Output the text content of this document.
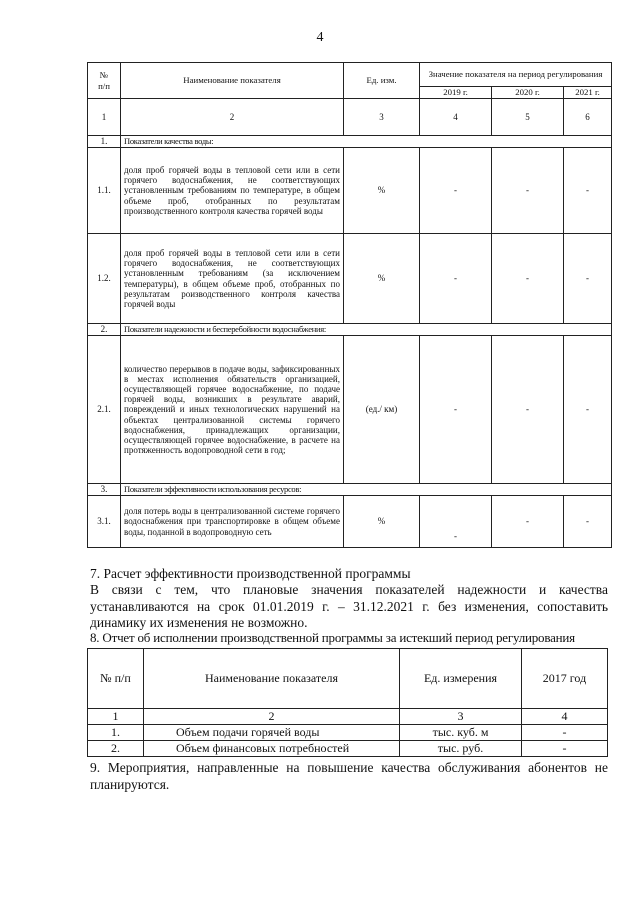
4
№
п/п	Наименование показателя	Ед. изм.	Значение показателя на период регулирования		
			2019 г.	2020 г.	2021 г.
1	2	3	4	5	6
1.	Показатели качества воды:				
1.1.	доля проб горячей воды в тепловой сети или в сети горячего водоснабжения, не соответствующих установленным требованиям по температуре, в общем объеме проб, отобранных по результатам производственного контроля качества горячей воды	%	-	-	-
1.2.	доля проб горячей воды в тепловой сети или в сети горячего водоснабжения, не соответствующих установленным требованиям (за исключением температуры), в общем объеме проб, отобранных по результатам роизводственного контроля качества горячей воды	%	-	-	-
2.	Показатели надежности и бесперебойности водоснабжения:				
2.1.	количество перерывов в подаче воды, зафиксированных в местах исполнения обязательств организацией, осуществляющей горячее водоснабжение, по подаче горячей воды, возникших в результате аварий, повреждений и иных технологических нарушений на объектах централизованной системы горячего водоснабжения, принадлежащих организации, осуществляющей горячее водоснабжение, в расчете на протяженность водопроводной сети в год;	(ед./ км)	-	-	-
3.	Показатели эффективности использования ресурсов:				
3.1.	доля потерь воды в централизованной системе горячего водоснабжения при транспортировке в общем объеме воды, поданной в водопроводную сеть	%	-	-	-
7. Расчет эффективности производственной программы
В связи с тем, что плановые значения показателей надежности и качества устанавливаются на срок 01.01.2019 г. – 31.12.2021 г. без изменения, сопоставить динамику их изменения не возможно.
8. Отчет об исполнении производственной программы за истекший период регулирования
№ п/п	Наименование показателя	Ед. измерения	2017 год
1	2	3	4
1.	Объем подачи горячей воды	тыс. куб. м	-
2.	Объем финансовых потребностей	тыс. руб.	-
9. Мероприятия, направленные на повышение качества обслуживания абонентов не планируются.
